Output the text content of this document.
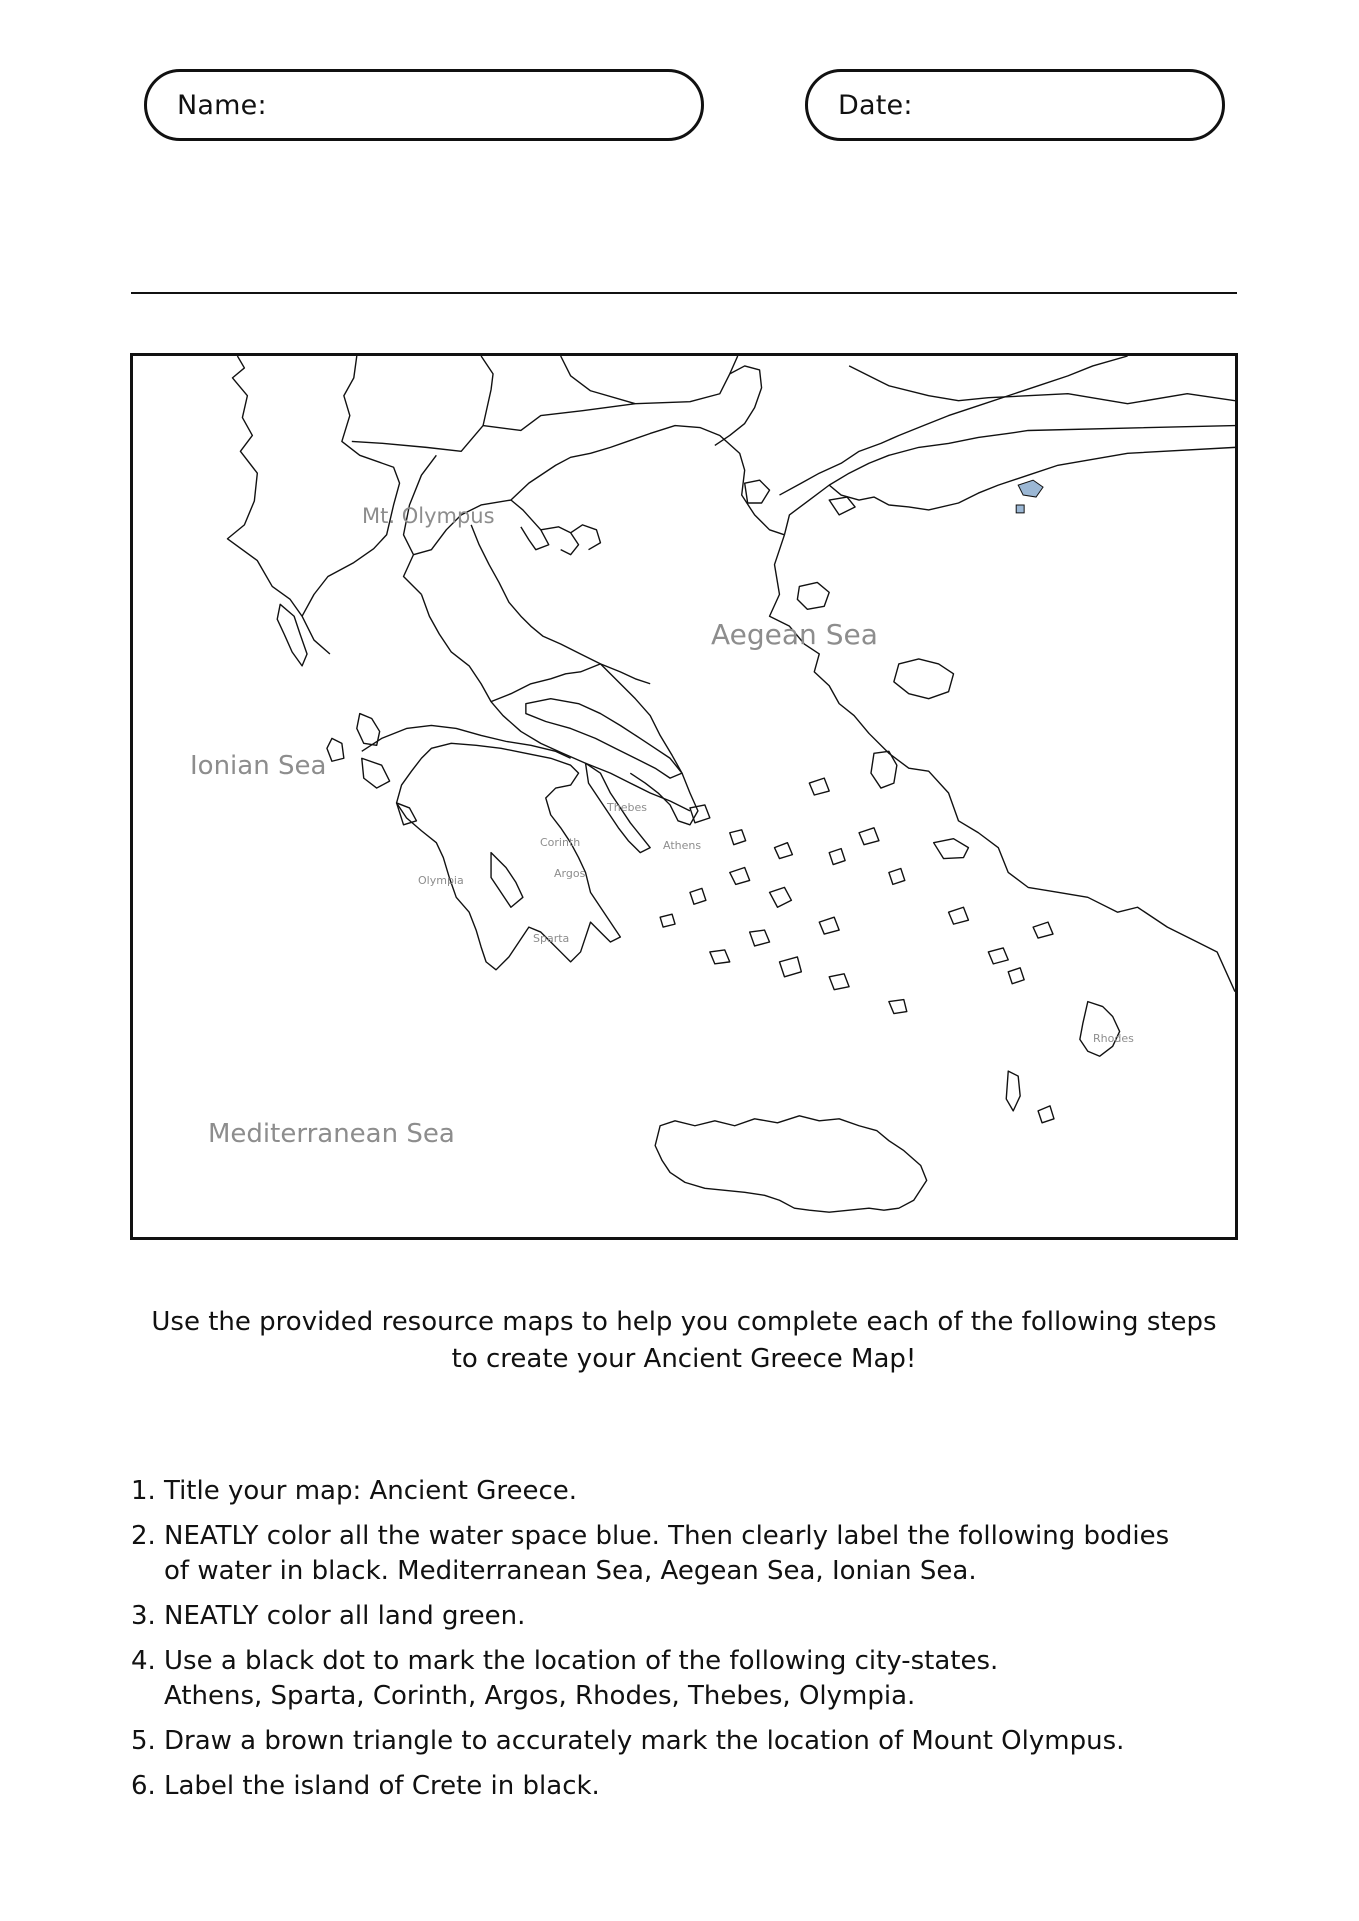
Name:	Date:
Mt. Olympus
Aegean Sea
Ionian Sea
Mediterranean Sea
Thebes
Corinth	Athens
Olympia
Argos
Sparta
Rhodes
Use the provided resource maps to help you complete each of the following steps
to create your Ancient Greece Map!
1. Title your map: Ancient Greece.
2. NEATLY color all the water space blue. Then clearly label the following bodies
of water in black. Mediterranean Sea, Aegean Sea, Ionian Sea.
3. NEATLY color all land green.
4. Use a black dot to mark the location of the following city-states.
Athens, Sparta, Corinth, Argos, Rhodes, Thebes, Olympia.
5. Draw a brown triangle to accurately mark the location of Mount Olympus.
6. Label the island of Crete in black.
